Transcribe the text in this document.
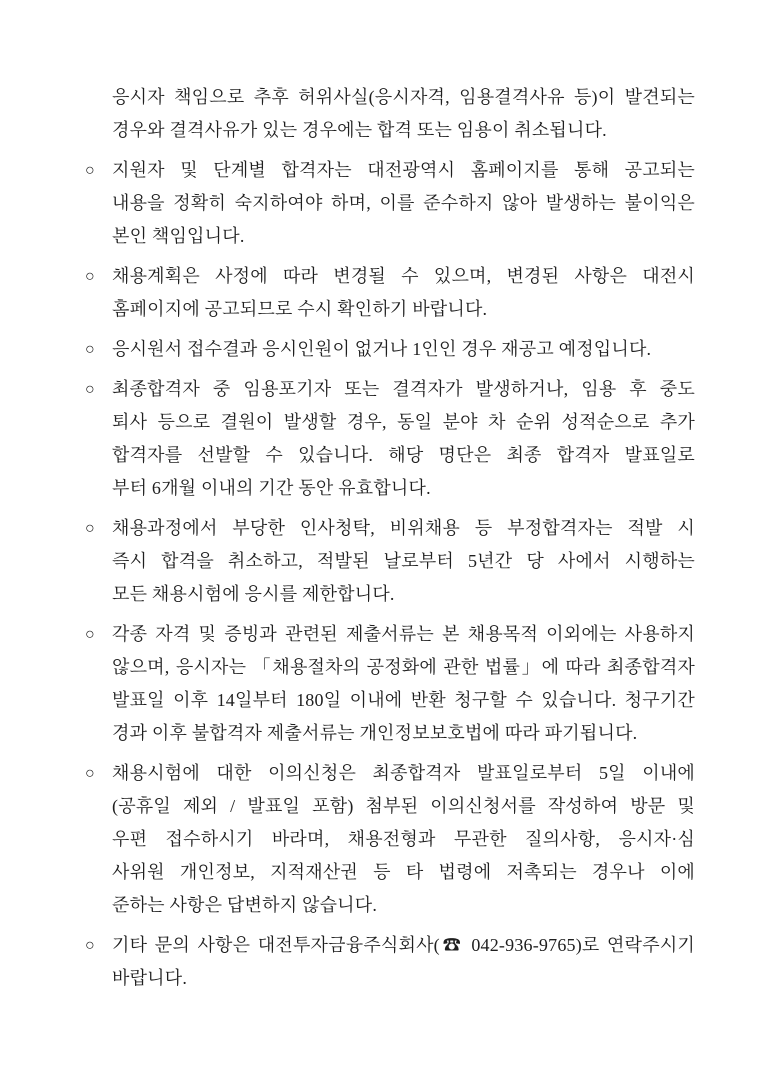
응시자 책임으로 추후 허위사실(응시자격, 임용결격사유 등)이 발견되는
경우와 결격사유가 있는 경우에는 합격 또는 임용이 취소됩니다.
○ 지원자 및 단계별 합격자는 대전광역시 홈페이지를 통해 공고되는
내용을 정확히 숙지하여야 하며, 이를 준수하지 않아 발생하는 불이익은
본인 책임입니다.
○ 채용계획은 사정에 따라 변경될 수 있으며, 변경된 사항은 대전시
홈페이지에 공고되므로 수시 확인하기 바랍니다.
○ 응시원서 접수결과 응시인원이 없거나 1인인 경우 재공고 예정입니다.
○ 최종합격자 중 임용포기자 또는 결격자가 발생하거나, 임용 후 중도
퇴사 등으로 결원이 발생할 경우, 동일 분야 차 순위 성적순으로 추가
합격자를 선발할 수 있습니다. 해당 명단은 최종 합격자 발표일로
부터 6개월 이내의 기간 동안 유효합니다.
○ 채용과정에서 부당한 인사청탁, 비위채용 등 부정합격자는 적발 시
즉시 합격을 취소하고, 적발된 날로부터 5년간 당 사에서 시행하는
모든 채용시험에 응시를 제한합니다.
○ 각종 자격 및 증빙과 관련된 제출서류는 본 채용목적 이외에는 사용하지
않으며, 응시자는 「채용절차의 공정화에 관한 법률」에 따라 최종합격자
발표일 이후 14일부터 180일 이내에 반환 청구할 수 있습니다. 청구기간
경과 이후 불합격자 제출서류는 개인정보보호법에 따라 파기됩니다.
○ 채용시험에 대한 이의신청은 최종합격자 발표일로부터 5일 이내에
(공휴일 제외 / 발표일 포함) 첨부된 이의신청서를 작성하여 방문 및
우편 접수하시기 바라며, 채용전형과 무관한 질의사항, 응시자·심
사위원 개인정보, 지적재산권 등 타 법령에 저촉되는 경우나 이에
준하는 사항은 답변하지 않습니다.
○ 기타 문의 사항은 대전투자금융주식회사(☎ 042-936-9765)로 연락주시기
바랍니다.
